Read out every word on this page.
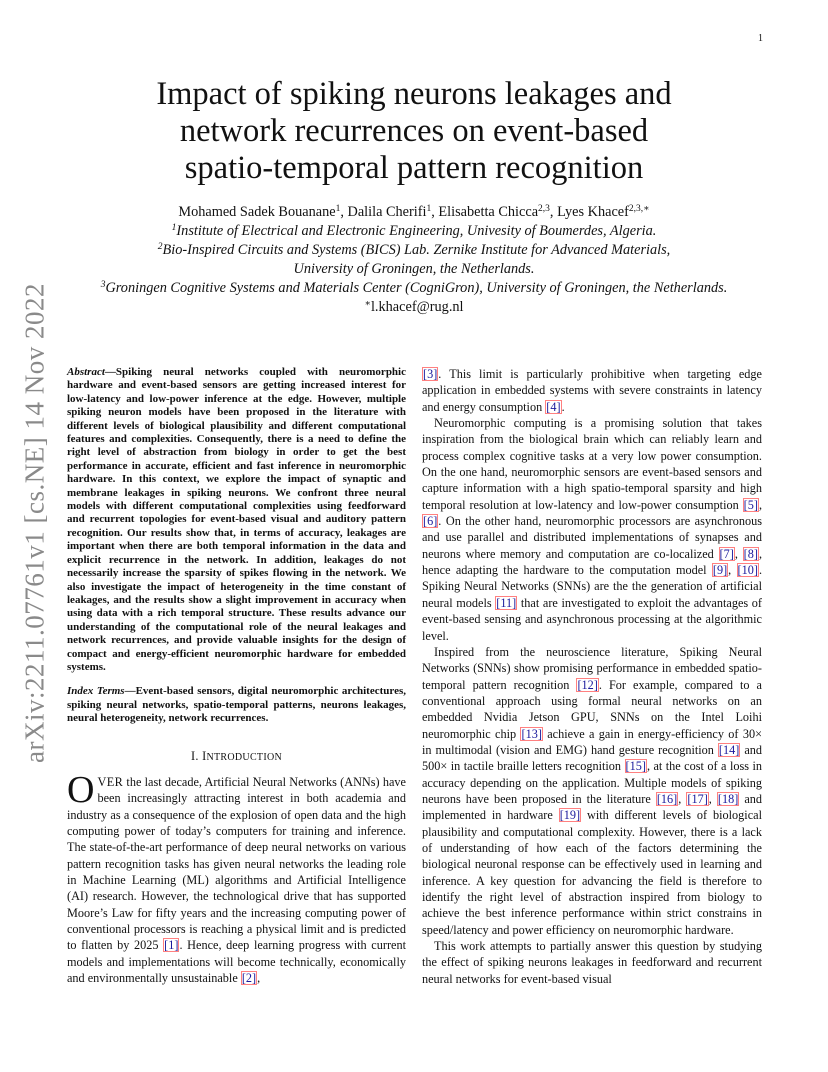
1
arXiv:2211.07761v1 [cs.NE] 14 Nov 2022
Impact of spiking neurons leakages and
network recurrences on event-based
spatio-temporal pattern recognition
Mohamed Sadek Bouanane$^1$, Dalila Cherifi$^1$, Elisabetta Chicca$^{2,3}$, Lyes Khacef$^{2,3,∗}$
$^1$Institute of Electrical and Electronic Engineering, Univesity of Boumerdes, Algeria.
$^2$Bio-Inspired Circuits and Systems (BICS) Lab. Zernike Institute for Advanced Materials,
University of Groningen, the Netherlands.
$^3$Groningen Cognitive Systems and Materials Center (CogniGron), University of Groningen, the Netherlands.
∗l.khacef@rug.nl
Abstract—Spiking neural networks coupled with neuromorphic hardware and event-based sensors are getting increased interest for low-latency and low-power inference at the edge. However, multiple spiking neuron models have been proposed in the literature with different levels of biological plausibility and different computational features and complexities. Consequently, there is a need to define the right level of abstraction from biology in order to get the best performance in accurate, efficient and fast inference in neuromorphic hardware. In this context, we explore the impact of synaptic and membrane leakages in spiking neurons. We confront three neural models with different computational complexities using feedforward and recurrent topologies for event-based visual and auditory pattern recognition. Our results show that, in terms of accuracy, leakages are important when there are both temporal information in the data and explicit recurrence in the network. In addition, leakages do not necessarily increase the sparsity of spikes flowing in the network. We also investigate the impact of heterogeneity in the time constant of leakages, and the results show a slight improvement in accuracy when using data with a rich temporal structure. These results advance our understanding of the computational role of the neural leakages and network recurrences, and provide valuable insights for the design of compact and energy-efficient neuromorphic hardware for embedded systems.
Index Terms—Event-based sensors, digital neuromorphic architectures, spiking neural networks, spatio-temporal patterns, neurons leakages, neural heterogeneity, network recurrences.
I. INTRODUCTION

OVER the last decade, Artificial Neural Networks (ANNs) have been increasingly attracting interest in both academia and industry as a consequence of the explosion of open data and the high computing power of today’s computers for training and inference. The state-of-the-art performance of deep neural networks on various pattern recognition tasks has given neural networks the leading role in Machine Learning (ML) algorithms and Artificial Intelligence (AI) research. However, the technological drive that has supported Moore’s Law for fifty years and the increasing computing power of conventional processors is reaching a physical limit and is predicted to flatten by 2025 [1]. Hence, deep learning progress with current models and implementations will become technically, economically and environmentally unsustainable [2],

[3]. This limit is particularly prohibitive when targeting edge application in embedded systems with severe constraints in latency and energy consumption [4].

Neuromorphic computing is a promising solution that takes inspiration from the biological brain which can reliably learn and process complex cognitive tasks at a very low power consumption. On the one hand, neuromorphic sensors are event-based sensors and capture information with a high spatio-temporal sparsity and high temporal resolution at low-latency and low-power consumption [5], [6]. On the other hand, neuromorphic processors are asynchronous and use parallel and distributed implementations of synapses and neurons where memory and computation are co-localized [7], [8], hence adapting the hardware to the computation model [9], [10]. Spiking Neural Networks (SNNs) are the the generation of artificial neural models [11] that are investigated to exploit the advantages of event-based sensing and asynchronous processing at the algorithmic level.

Inspired from the neuroscience literature, Spiking Neural Networks (SNNs) show promising performance in embedded spatio-temporal pattern recognition [12]. For example, compared to a conventional approach using formal neural networks on an embedded Nvidia Jetson GPU, SNNs on the Intel Loihi neuromorphic chip [13] achieve a gain in energy-efficiency of 30× in multimodal (vision and EMG) hand gesture recognition [14] and 500× in tactile braille letters recognition [15], at the cost of a loss in accuracy depending on the application. Multiple models of spiking neurons have been proposed in the literature [16], [17], [18] and implemented in hardware [19] with different levels of biological plausibility and computational complexity. However, there is a lack of understanding of how each of the factors determining the biological neuronal response can be effectively used in learning and inference. A key question for advancing the field is therefore to identify the right level of abstraction inspired from biology to achieve the best inference performance within strict constrains in speed/latency and power efficiency on neuromorphic hardware.

This work attempts to partially answer this question by studying the effect of spiking neurons leakages in feedforward and recurrent neural networks for event-based visual
